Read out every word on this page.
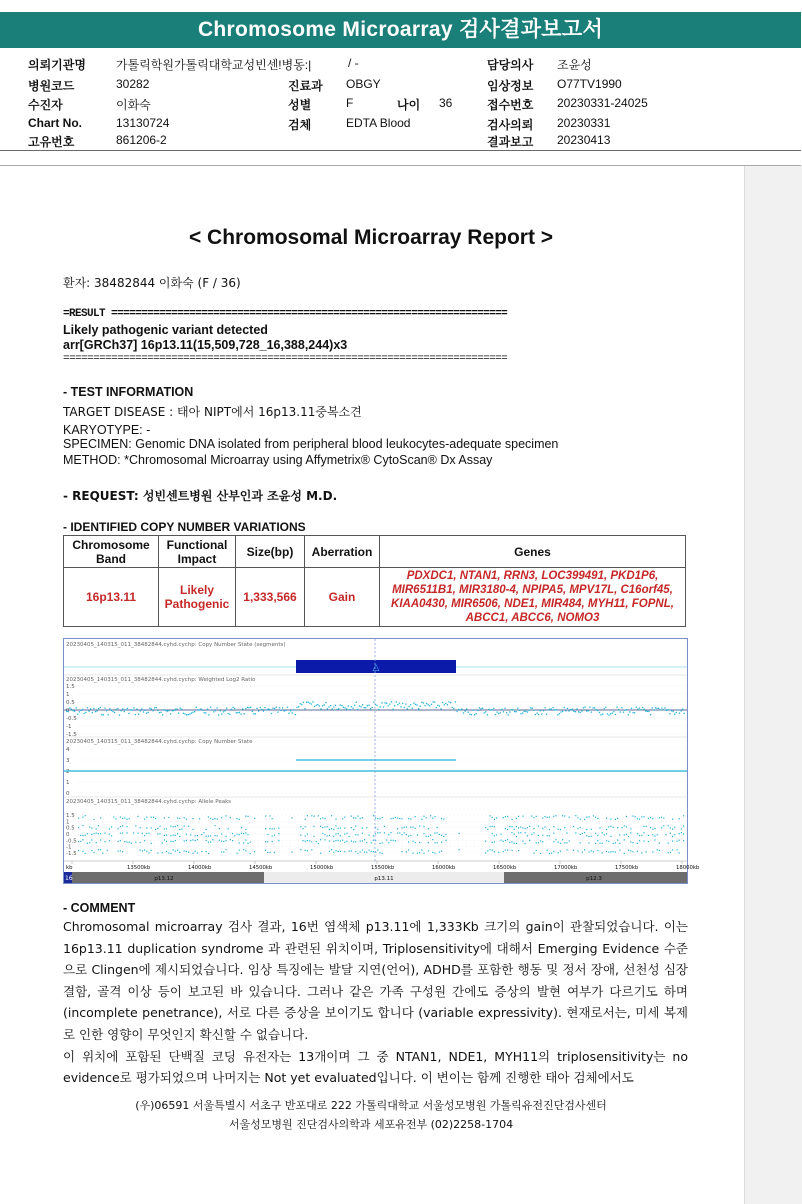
Chromosome Microarray 검사결과보고서
의뢰기관명	가톨릭학원가톨릭대학교성빈센!병동:|	/ -	담당의사 조윤성
병원코드	30282	진료과 OBGY	임상정보 O77TV1990
수진자	이화숙	성별	F	나이 36	접수번호 20230331-24025
Chart No.	13130724	검체	EDTA Blood	검사의뢰 20230331
고유번호	861206-2	결과보고 20230413
< Chromosomal Microarray Report >
환자: 38482844 이화숙 (F / 36)
=RESULT ==================================================================
Likely pathogenic variant detected
arr[GRCh37] 16p13.11(15,509,728_16,388,244)x3
==========================================================================
- TEST INFORMATION
TARGET DISEASE : 태아 NIPT에서 16p13.11중복소견
KARYOTYPE: -
SPECIMEN: Genomic DNA isolated from peripheral blood leukocytes-adequate specimen
METHOD: *Chromosomal Microarray using Affymetrix® CytoScan® Dx Assay
- REQUEST: 성빈센트병원 산부인과 조윤성 M.D.
- IDENTIFIED COPY NUMBER VARIATIONS
Chromosome Band	Functional Impact	Size(bp)	Aberration	Genes
16p13.11	Likely Pathogenic	1,333,566	Gain	PDXDC1, NTAN1, RRN3, LOC399491, PKD1P6, MIR6511B1, MIR3180-4, NPIPA5, MPV17L, C16orf45, KIAA0430, MIR6506, NDE1, MIR484, MYH11, FOPNL, ABCC1, ABCC6, NOMO3
20230405_140315_011_38482844.cyhd.cychp: Copy Number State (segments)
△
20230405_140315_011_38482844.cyhd.cychp: Weighted Log2 Ratio
1.5
1
0.5
-0.5
-1
-1.5
20230405_140315_011_38482844.cyhd.cychp: Copy Number State
4
3
2
1
0
20230405_140315_011_38482844.cyhd.cychp: Allele Peaks
1.5
1
0.5
0
-0.5
-1
-1.5
kb	13500kb	14000kb	14500kb	15000kb	15500kb	16000kb	16500kb	17000kb	17500kb	18000kb
16	p13.12	p13.11	p12.3
- COMMENT

Chromosomal microarray 검사 결과, 16번 염색체 p13.11에 1,333Kb 크기의 gain이 관찰되었습니다. 이는 16p13.11 duplication syndrome 과 관련된 위치이며, Triplosensitivity에 대해서 Emerging Evidence 수준으로 Clingen에 제시되었습니다. 임상 특징에는 발달 지연(언어), ADHD를 포함한 행동 및 정서 장애, 선천성 심장 결함, 골격 이상 등이 보고된 바 있습니다. 그러나 같은 가족 구성원 간에도 증상의 발현 여부가 다르기도 하며 (incomplete penetrance), 서로 다른 증상을 보이기도 합니다 (variable expressivity). 현재로서는, 미세 복제로 인한 영향이 무엇인지 확신할 수 없습니다.

이 위치에 포함된 단백질 코딩 유전자는 13개이며 그 중 NTAN1, NDE1, MYH11의 triplosensitivity는 no evidence로 평가되었으며 나머지는 Not yet evaluated입니다. 이 변이는 함께 진행한 태아 검체에서도

(우)06591 서울특별시 서초구 반포대로 222 가톨릭대학교 서울성모병원 가톨릭유전진단검사센터
서울성모병원 진단검사의학과 세포유전부 (02)2258-1704
